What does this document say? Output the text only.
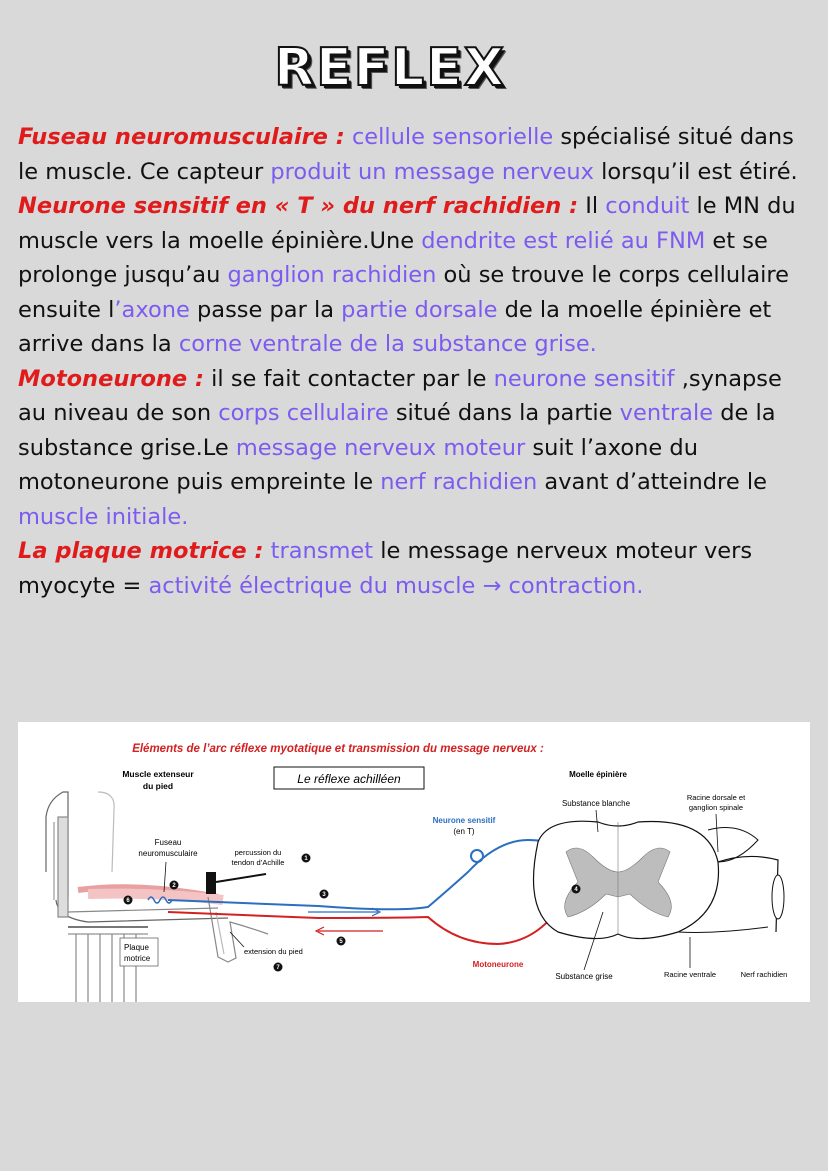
REFLEX

Fuseau neuromusculaire : cellule sensorielle spécialisé situé dans le muscle. Ce capteur produit un message nerveux lorsqu’il est étiré.

Neurone sensitif en « T » du nerf rachidien : Il conduit le MN du muscle vers la moelle épinière.Une dendrite est relié au FNM et se prolonge jusqu’au ganglion rachidien où se trouve le corps cellulaire ensuite l’axone passe par la partie dorsale de la moelle épinière et arrive dans la corne ventrale de la substance grise.

Motoneurone : il se fait contacter par le neurone sensitif ,synapse au niveau de son corps cellulaire situé dans la partie ventrale de la substance grise.Le message nerveux moteur suit l’axone du motoneurone puis empreinte le nerf rachidien avant d’atteindre le muscle initiale.

La plaque motrice : transmet le message nerveux moteur vers myocyte = activité électrique du muscle → contraction.

Eléments de l’arc réflexe myotatique et transmission du message nerveux :
Le réflexe achilléen
Muscle extenseur
du pied
Fuseau
neuromusculaire	percussion du
tendon d’Achille
Plaque
motrice
extension du pied
Neurone sensitif
(en T)
Motoneurone
Moelle épinière
Substance blanche
Racine dorsale et
ganglion spinale
Substance grise	Racine ventrale	Nerf rachidien
1
2
3
4
5
6
7
